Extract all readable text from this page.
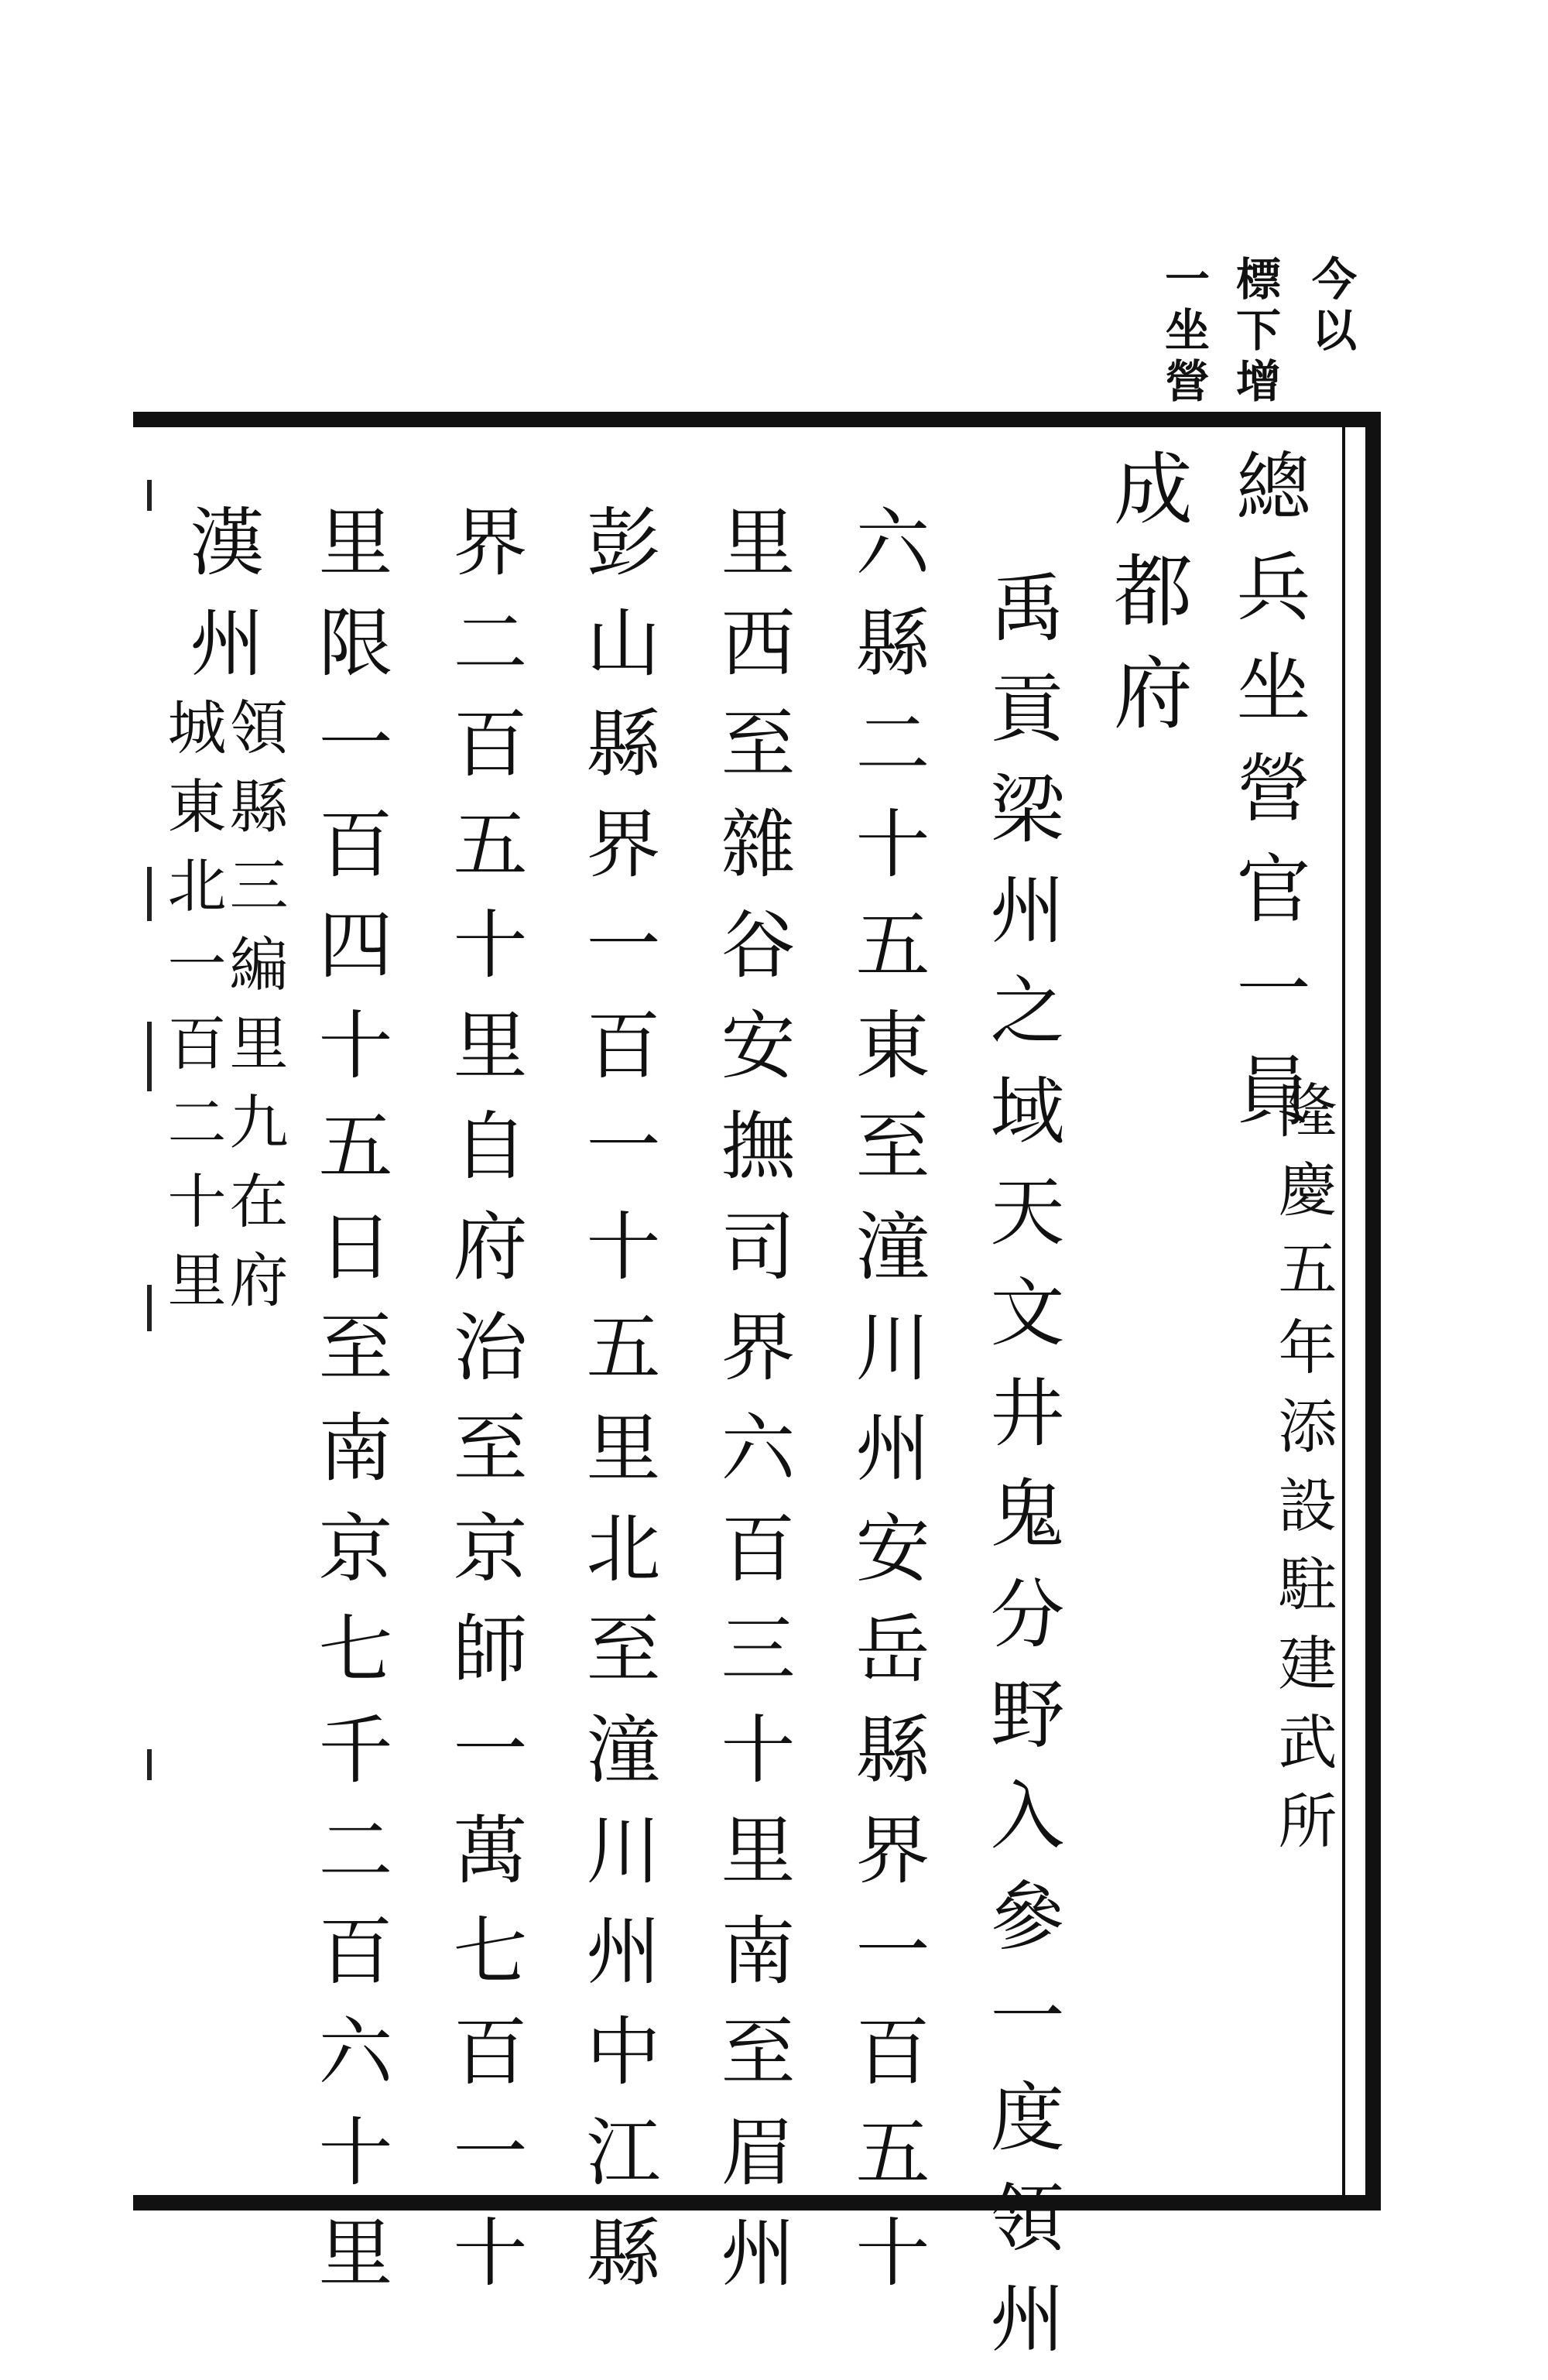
今以
標下增
一坐營
總兵坐營官一員
隆慶五年添設駐建武所
成都府
禹貢梁州之域天文井鬼分野入參一度領州
六縣二十五東至潼川州安岳縣界一百五十
里西至雜谷安撫司界六百三十里南至眉州
彭山縣界一百一十五里北至潼川州中江縣
界二百五十里自府治至京師一萬七百一十
里限一百四十五日至南京七千二百六十里
漢州
領縣三編里九在府
城東北一百二十里
